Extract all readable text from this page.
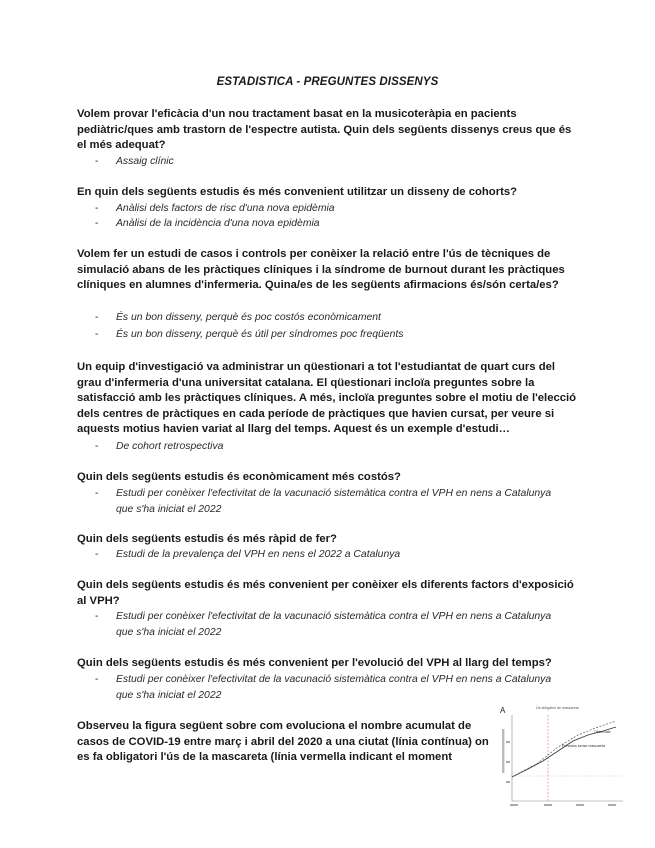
ESTADISTICA - PREGUNTES DISSENYS
Volem provar l'eficàcia d'un nou tractament basat en la musicoteràpia en pacients pediàtric/ques amb trastorn de l'espectre autista. Quin dels següents dissenys creus que és el més adequat?
-	Assaig clínic
En quin dels següents estudis és més convenient utilitzar un disseny de cohorts?
-	Anàlisi dels factors de risc d'una nova epidèmia
-	Anàlisi de la incidència d'una nova epidèmia
Volem fer un estudi de casos i controls per conèixer la relació entre l'ús de tècniques de simulació abans de les pràctiques clíniques i la síndrome de burnout durant les pràctiques clíniques en alumnes d'infermeria. Quina/es de les següents afirmacions és/són certa/es?
-	És un bon disseny, perquè és poc costós econòmicament
-	És un bon disseny, perquè és útil per síndromes poc freqüents
Un equip d'investigació va administrar un qüestionari a tot l'estudiantat de quart curs del grau d'infermeria d'una universitat catalana. El qüestionari incloïa preguntes sobre la satisfacció amb les pràctiques clíniques. A més, incloïa preguntes sobre el motiu de l'elecció dels centres de pràctiques en cada període de pràctiques que havien cursat, per veure si aquests motius havien variat al llarg del temps. Aquest és un exemple d'estudi…
-	De cohort retrospectiva
Quin dels següents estudis és econòmicament més costós?
-	Estudi per conèixer l'efectivitat de la vacunació sistemàtica contra el VPH en nens a Catalunya que s'ha iniciat el 2022
Quin dels següents estudis és més ràpid de fer?
-	Estudi de la prevalença del VPH en nens el 2022 a Catalunya
Quin dels següents estudis és més convenient per conèixer els diferents factors d'exposició al VPH?
-	Estudi per conèixer l'efectivitat de la vacunació sistemàtica contra el VPH en nens a Catalunya que s'ha iniciat el 2022
Quin dels següents estudis és més convenient per l'evolució del VPH al llarg del temps?
-	Estudi per conèixer l'efectivitat de la vacunació sistemàtica contra el VPH en nens a Catalunya que s'ha iniciat el 2022
Observeu la figura següent sobre com evoluciona el nombre acumulat de casos de COVID-19 entre març i abril del 2020 a una ciutat (línia contínua) on es fa obligatori l'ús de la mascareta (línia vermella indicant el moment
A	Ús obligatori de mascareta
Observats
Previstos sense mascareta
